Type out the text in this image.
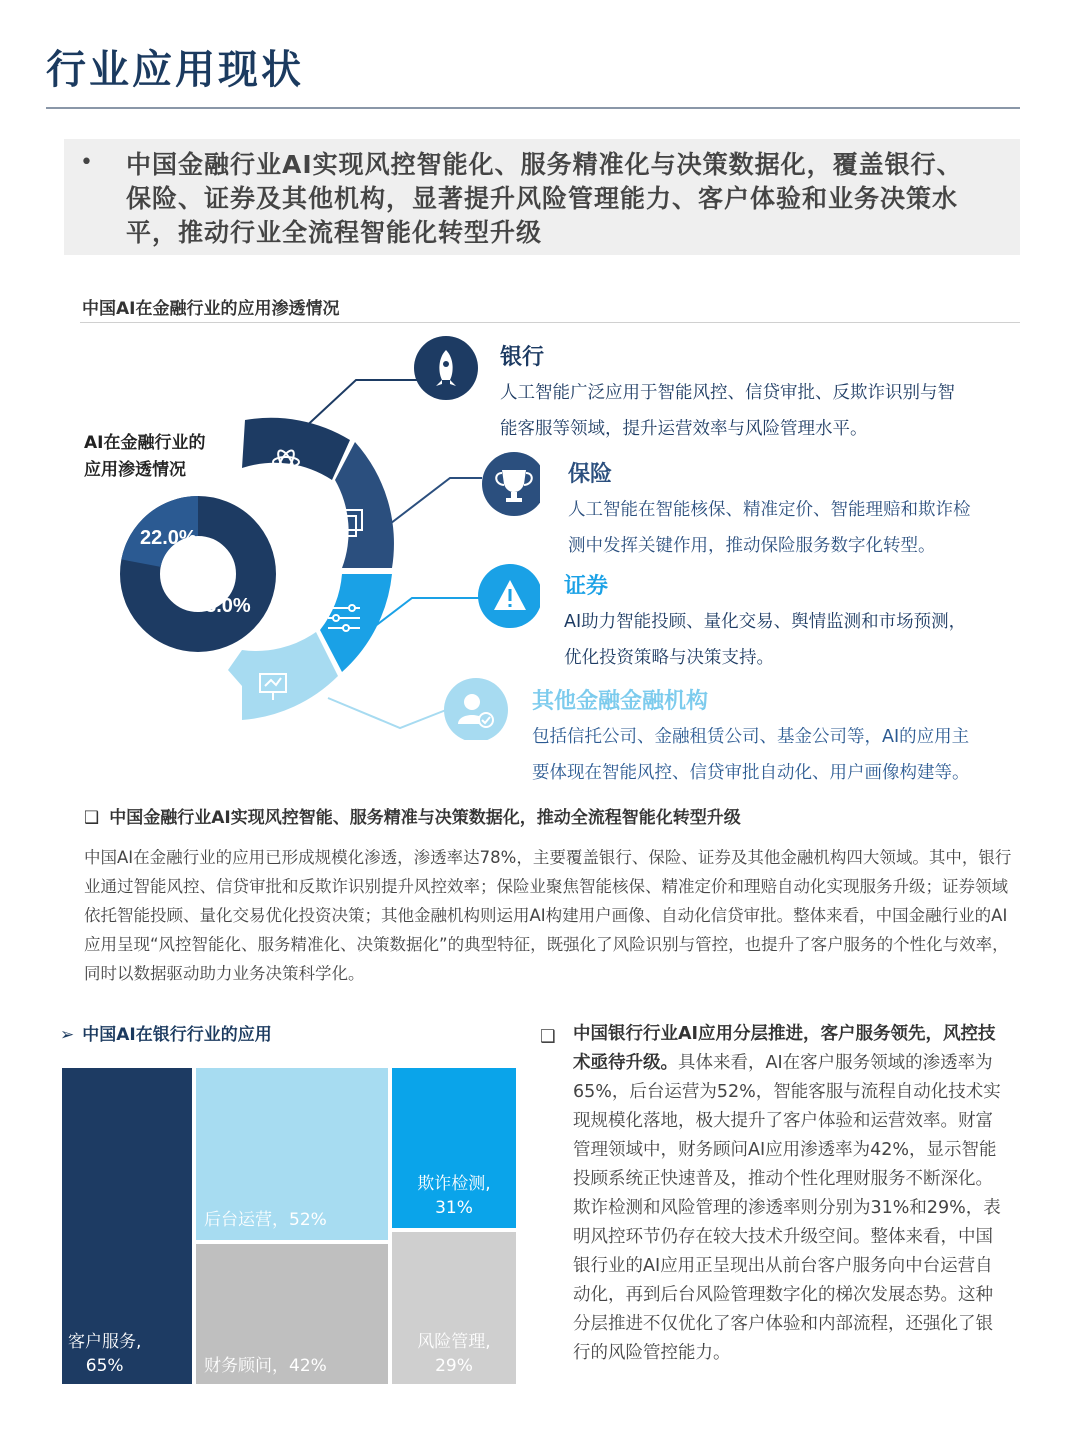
行业应用现状
• 中国金融行业AI实现风控智能化、服务精准化与决策数据化，覆盖银行、保险、证券及其他机构，显著提升风险管理能力、客户体验和业务决策水平，推动行业全流程智能化转型升级
中国AI在金融行业的应用渗透情况
AI在金融行业的
应用渗透情况
22.0%
78.0%
银行
人工智能广泛应用于智能风控、信贷审批、反欺诈识别与智
能客服等领域，提升运营效率与风险管理水平。
保险
人工智能在智能核保、精准定价、智能理赔和欺诈检
测中发挥关键作用，推动保险服务数字化转型。
证券
AI助力智能投顾、量化交易、舆情监测和市场预测，
优化投资策略与决策支持。
其他金融金融机构
包括信托公司、金融租赁公司、基金公司等，AI的应用主
要体现在智能风控、信贷审批自动化、用户画像构建等。
❑ 中国金融行业AI实现风控智能、服务精准与决策数据化，推动全流程智能化转型升级
中国AI在金融行业的应用已形成规模化渗透，渗透率达78%，主要覆盖银行、保险、证券及其他金融机构四大领域。其中，银行业通过智能风控、信贷审批和反欺诈识别提升风控效率；保险业聚焦智能核保、精准定价和理赔自动化实现服务升级；证券领域依托智能投顾、量化交易优化投资决策；其他金融机构则运用AI构建用户画像、自动化信贷审批。整体来看，中国金融行业的AI应用呈现“风控智能化、服务精准化、决策数据化”的典型特征，既强化了风险识别与管控，也提升了客户服务的个性化与效率，同时以数据驱动助力业务决策科学化。
➢ 中国AI在银行行业的应用
客户服务,
65%
后台运营，52%
欺诈检测,
31%
财务顾问，42%
风险管理,
29%
❑ 中国银行行业AI应用分层推进，客户服务领先，风控技术亟待升级。具体来看，AI在客户服务领域的渗透率为65%，后台运营为52%，智能客服与流程自动化技术实现规模化落地，极大提升了客户体验和运营效率。财富管理领域中，财务顾问AI应用渗透率为42%，显示智能投顾系统正快速普及，推动个性化理财服务不断深化。欺诈检测和风险管理的渗透率则分别为31%和29%，表明风控环节仍存在较大技术升级空间。整体来看，中国银行业的AI应用正呈现出从前台客户服务向中台运营自动化，再到后台风险管理数字化的梯次发展态势。这种分层推进不仅优化了客户体验和内部流程，还强化了银行的风险管控能力。
